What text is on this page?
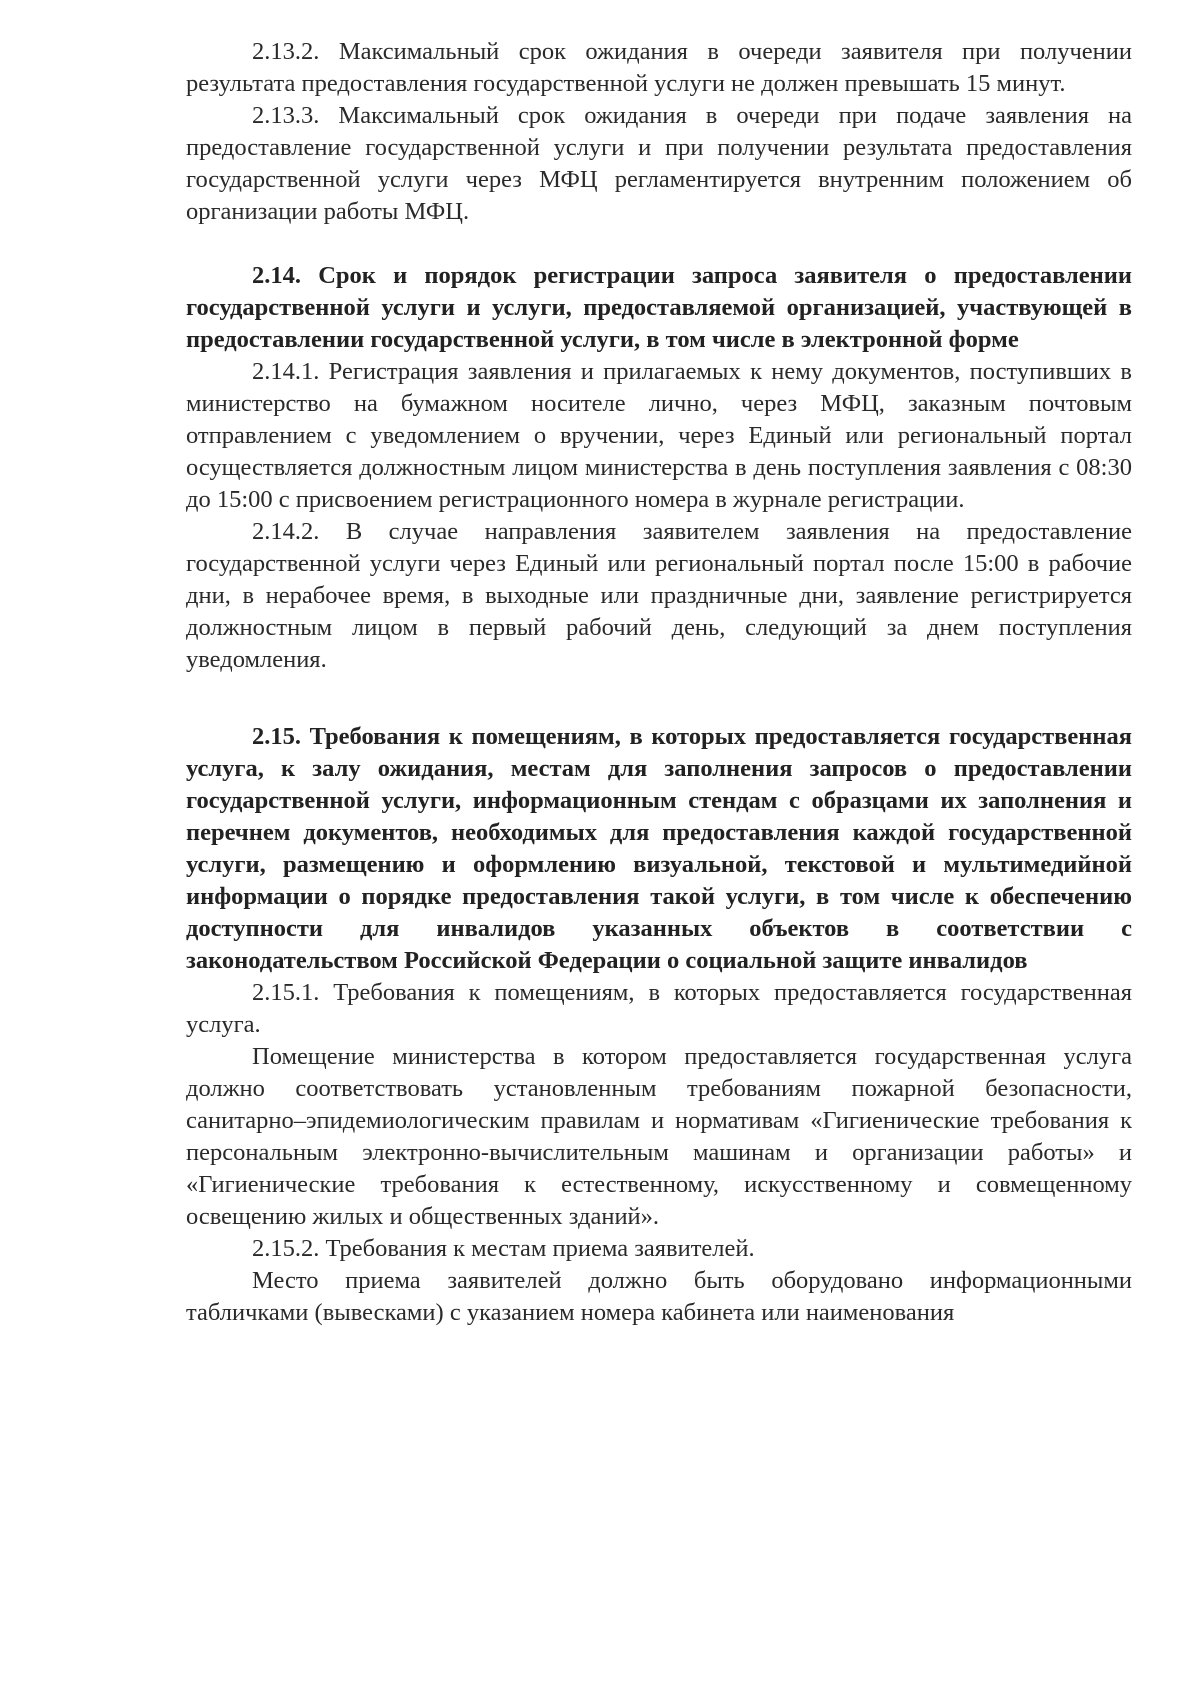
2.13.2. Максимальный срок ожидания в очереди заявителя при получении результата предоставления государственной услуги не должен превышать 15 минут.

2.13.3. Максимальный срок ожидания в очереди при подаче заявления на предоставление государственной услуги и при получении результата предоставления государственной услуги через МФЦ регламентируется внутренним положением об организации работы МФЦ.

2.14. Срок и порядок регистрации запроса заявителя о предоставлении государственной услуги и услуги, предоставляемой организацией, участвующей в предоставлении государственной услуги, в том числе в электронной форме

2.14.1. Регистрация заявления и прилагаемых к нему документов, поступивших в министерство на бумажном носителе лично, через МФЦ, заказным почтовым отправлением с уведомлением о вручении, через Единый или региональный портал осуществляется должностным лицом министерства в день поступления заявления с 08:30 до 15:00 с присвоением регистрационного номера в журнале регистрации.

2.14.2. В случае направления заявителем заявления на предоставление государственной услуги через Единый или региональный портал после 15:00 в рабочие дни, в нерабочее время, в выходные или праздничные дни, заявление регистрируется должностным лицом в первый рабочий день, следующий за днем поступления уведомления.

2.15. Требования к помещениям, в которых предоставляется государственная услуга, к залу ожидания, местам для заполнения запросов о предоставлении государственной услуги, информационным стендам с образцами их заполнения и перечнем документов, необходимых для предоставления каждой государственной услуги, размещению и оформлению визуальной, текстовой и мультимедийной информации о порядке предоставления такой услуги, в том числе к обеспечению доступности для инвалидов указанных объектов в соответствии с законодательством Российской Федерации о социальной защите инвалидов

2.15.1. Требования к помещениям, в которых предоставляется государственная услуга.

Помещение министерства в котором предоставляется государственная услуга должно соответствовать установленным требованиям пожарной безопасности, санитарно–эпидемиологическим правилам и нормативам «Гигиенические требования к персональным электронно-вычислительным машинам и организации работы» и «Гигиенические требования к естественному, искусственному и совмещенному освещению жилых и общественных зданий».

2.15.2. Требования к местам приема заявителей.

Место приема заявителей должно быть оборудовано информационными табличками (вывесками) с указанием номера кабинета или наименования
